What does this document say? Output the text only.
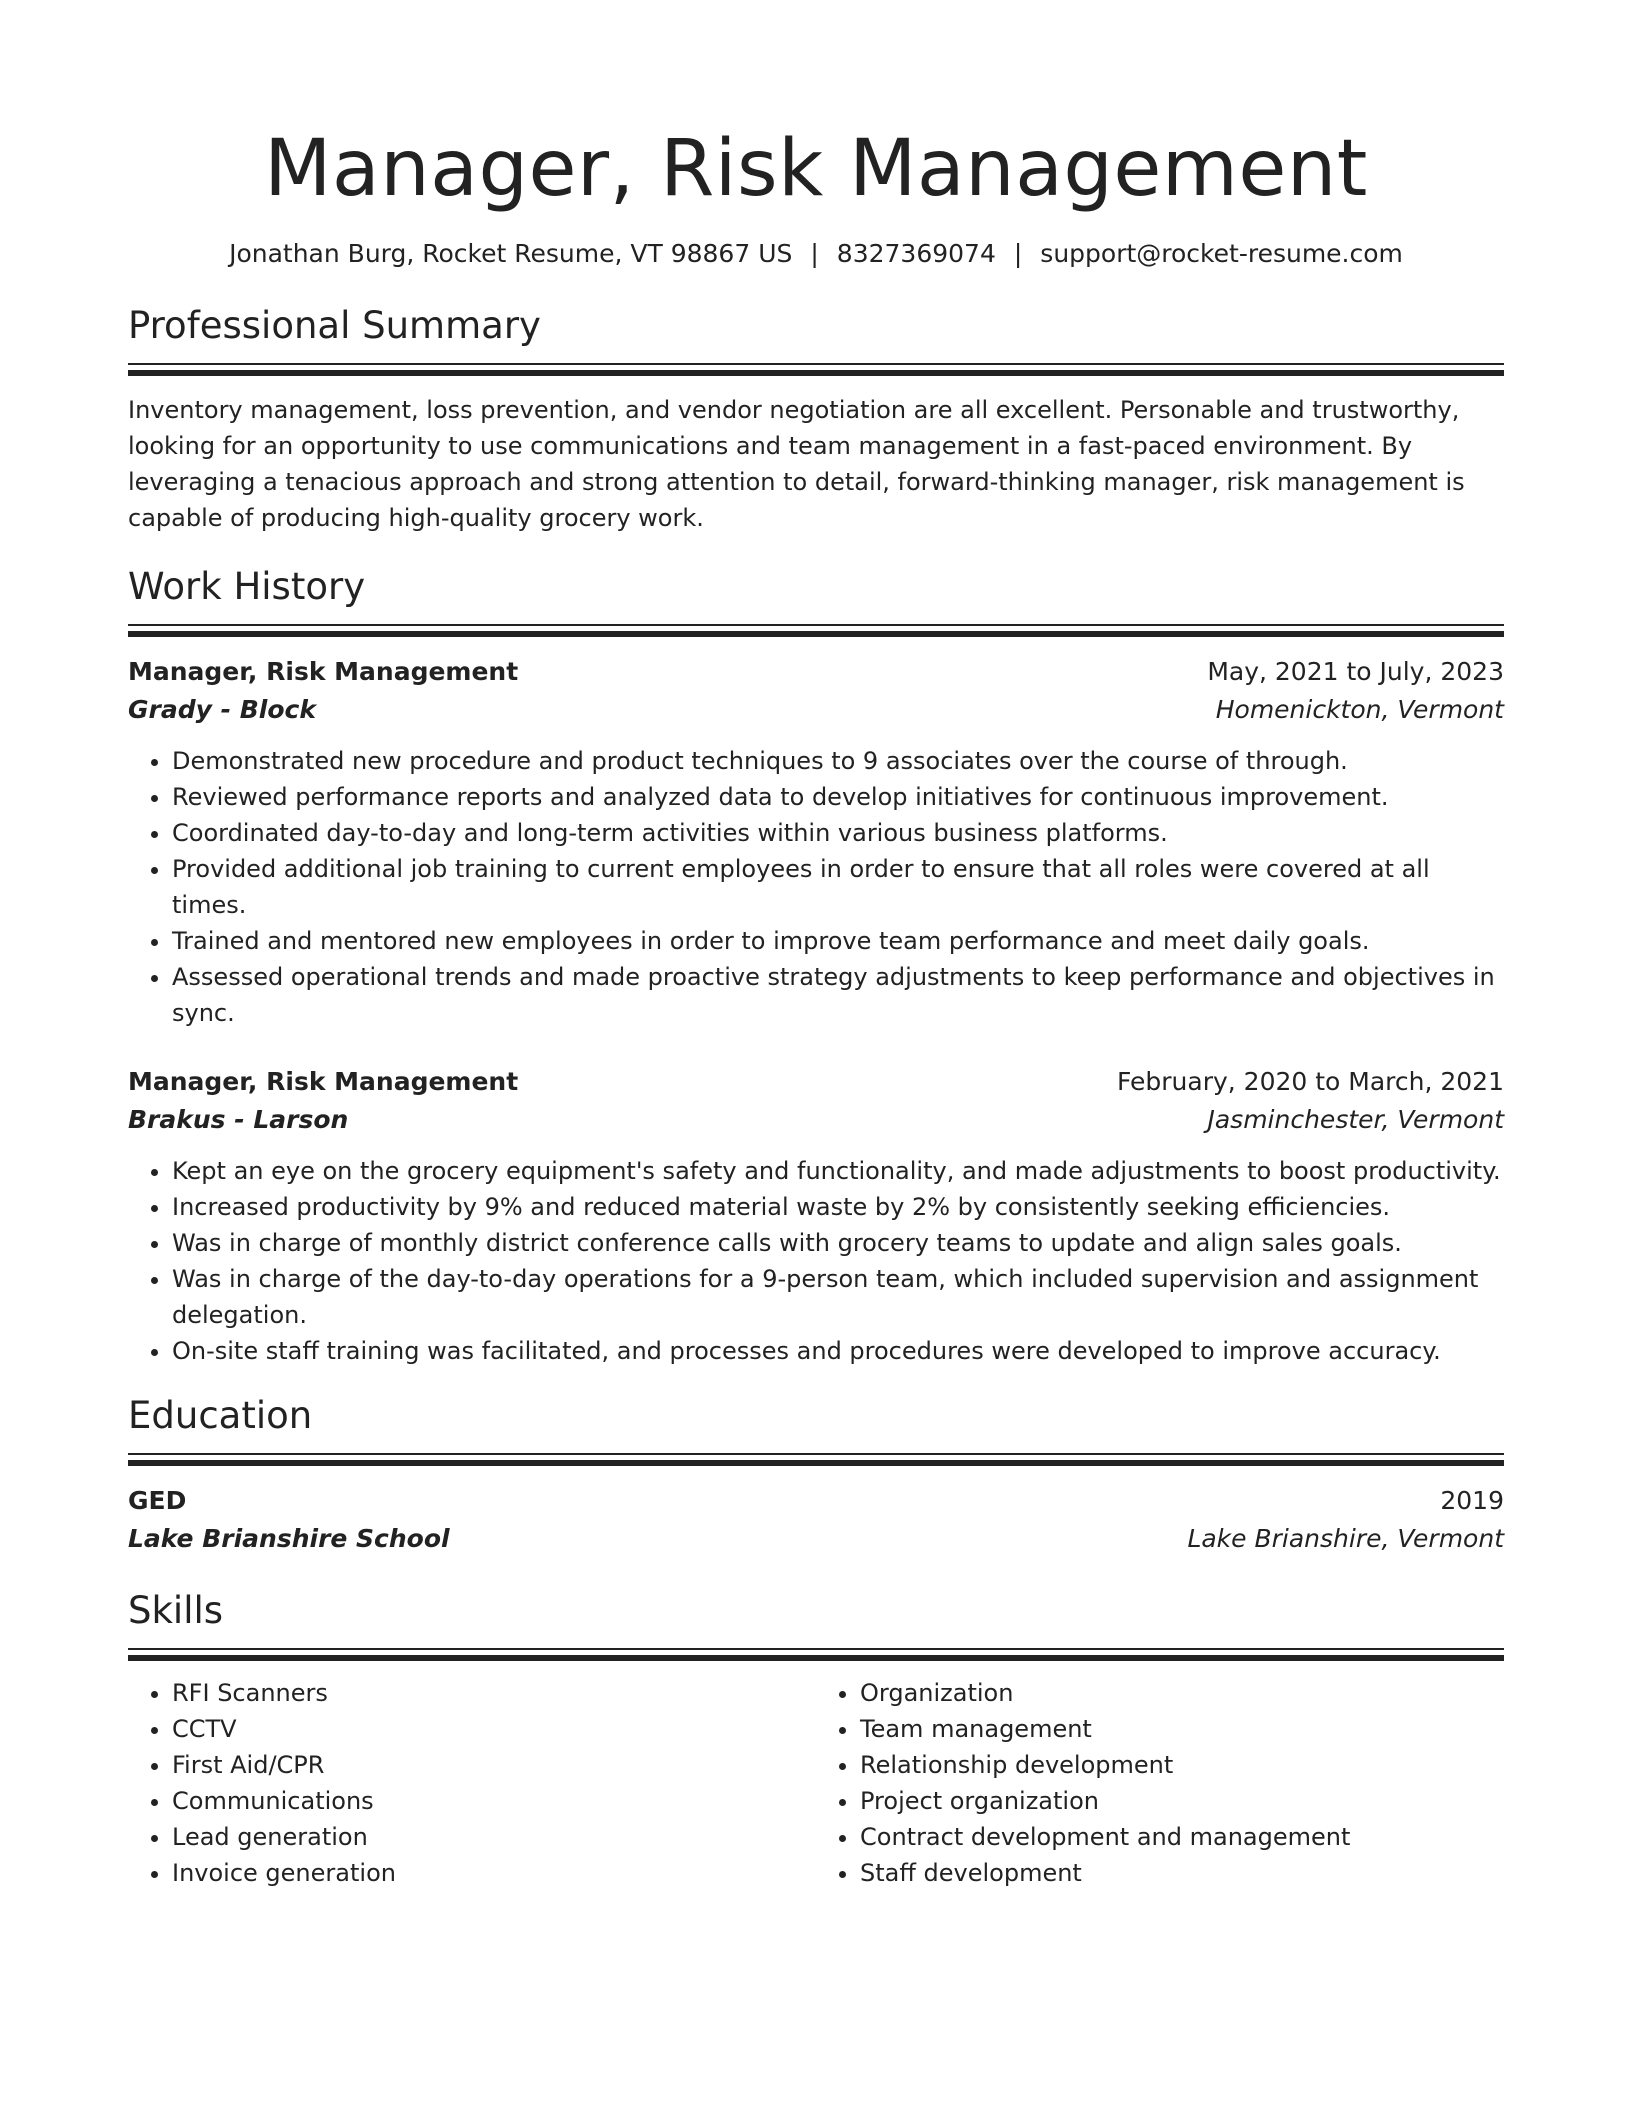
Manager, Risk Management
Jonathan Burg, Rocket Resume, VT 98867 US | 8327369074 | support@rocket-resume.com
Professional Summary

Inventory management, loss prevention, and vendor negotiation are all excellent. Personable and trustworthy, looking for an opportunity to use communications and team management in a fast-paced environment. By leveraging a tenacious approach and strong attention to detail, forward-thinking manager, risk management is capable of producing high-quality grocery work.

Work History
Manager, Risk Management	May, 2021 to July, 2023
Grady - Block	Homenickton, Vermont
• Demonstrated new procedure and product techniques to 9 associates over the course of through.
• Reviewed performance reports and analyzed data to develop initiatives for continuous improvement.
• Coordinated day-to-day and long-term activities within various business platforms.
• Provided additional job training to current employees in order to ensure that all roles were covered at all times.
• Trained and mentored new employees in order to improve team performance and meet daily goals.
• Assessed operational trends and made proactive strategy adjustments to keep performance and objectives in sync.
Manager, Risk Management	February, 2020 to March, 2021
Brakus - Larson	Jasminchester, Vermont
• Kept an eye on the grocery equipment's safety and functionality, and made adjustments to boost productivity.
• Increased productivity by 9% and reduced material waste by 2% by consistently seeking efficiencies.
• Was in charge of monthly district conference calls with grocery teams to update and align sales goals.
• Was in charge of the day-to-day operations for a 9-person team, which included supervision and assignment delegation.
• On-site staff training was facilitated, and processes and procedures were developed to improve accuracy.
Education
GED	2019
Lake Brianshire School	Lake Brianshire, Vermont
Skills
• RFI Scanners
• CCTV
• First Aid/CPR
• Communications
• Lead generation
• Invoice generation
• Organization
• Team management
• Relationship development
• Project organization
• Contract development and management
• Staff development
